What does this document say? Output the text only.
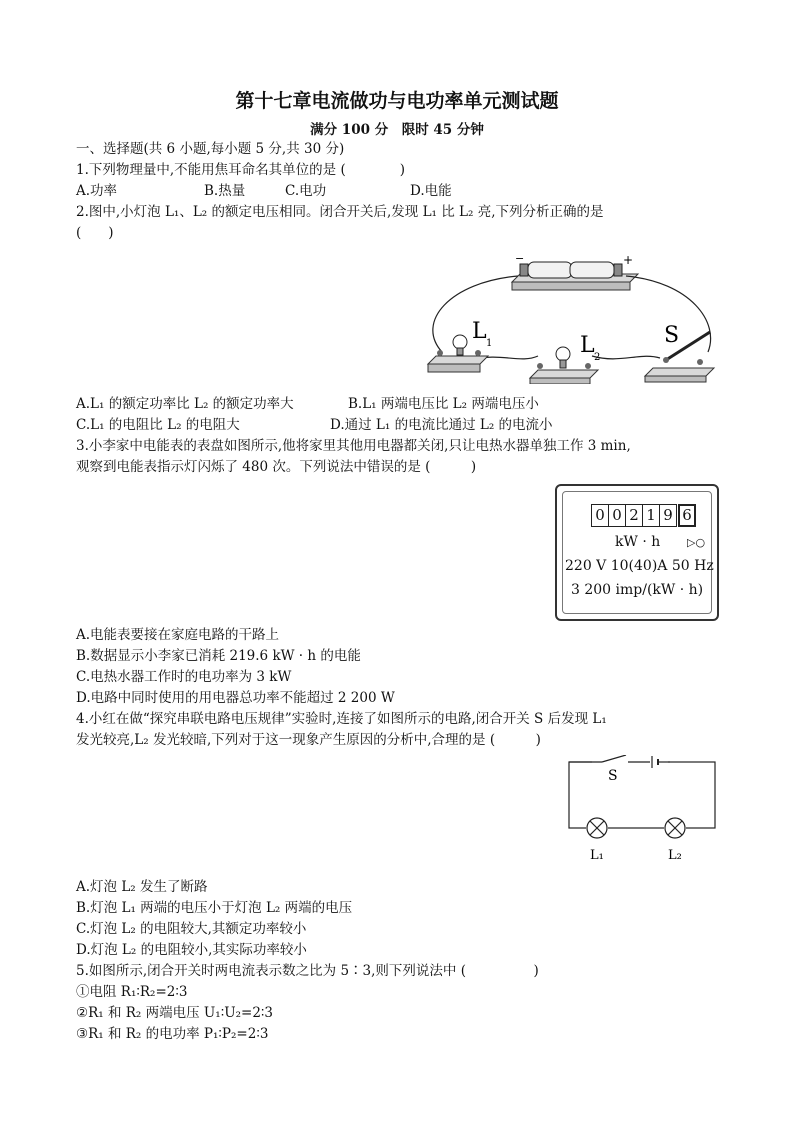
第十七章电流做功与电功率单元测试题
满分 100 分　限时 45 分钟
一、选择题(共 6 小题,每小题 5 分,共 30 分)
1.下列物理量中,不能用焦耳命名其单位的是 (　　　　)
A.功率	B.热量	C.电功	D.电能
2.图中,小灯泡 L₁、L₂ 的额定电压相同。闭合开关后,发现 L₁ 比 L₂ 亮,下列分析正确的是
(　　)
−	+
L 1	L 2
S
A.L₁ 的额定功率比 L₂ 的额定功率大	B.L₁ 两端电压比 L₂ 两端电压小
C.L₁ 的电阻比 L₂ 的电阻大	D.通过 L₁ 的电流比通过 L₂ 的电流小
3.小李家中电能表的表盘如图所示,他将家里其他用电器都关闭,只让电热水器单独工作 3 min,
观察到电能表指示灯闪烁了 480 次。下列说法中错误的是 (　　　)
0 0 2 1 9 6
kW · h ▷○
220 V 10(40)A 50 Hz
3 200 imp/(kW · h)
A.电能表要接在家庭电路的干路上
B.数据显示小李家已消耗 219.6 kW · h 的电能
C.电热水器工作时的电功率为 3 kW
D.电路中同时使用的用电器总功率不能超过 2 200 W
4.小红在做“探究串联电路电压规律”实验时,连接了如图所示的电路,闭合开关 S 后发现 L₁
发光较亮,L₂ 发光较暗,下列对于这一现象产生原因的分析中,合理的是 (　　　)
S
L₁	L₂
A.灯泡 L₂ 发生了断路
B.灯泡 L₁ 两端的电压小于灯泡 L₂ 两端的电压
C.灯泡 L₂ 的电阻较大,其额定功率较小
D.灯泡 L₂ 的电阻较小,其实际功率较小
5.如图所示,闭合开关时两电流表示数之比为 5∶3,则下列说法中 (　　　　　)
①电阻 R₁∶R₂=2∶3
②R₁ 和 R₂ 两端电压 U₁∶U₂=2∶3
③R₁ 和 R₂ 的电功率 P₁∶P₂=2∶3
